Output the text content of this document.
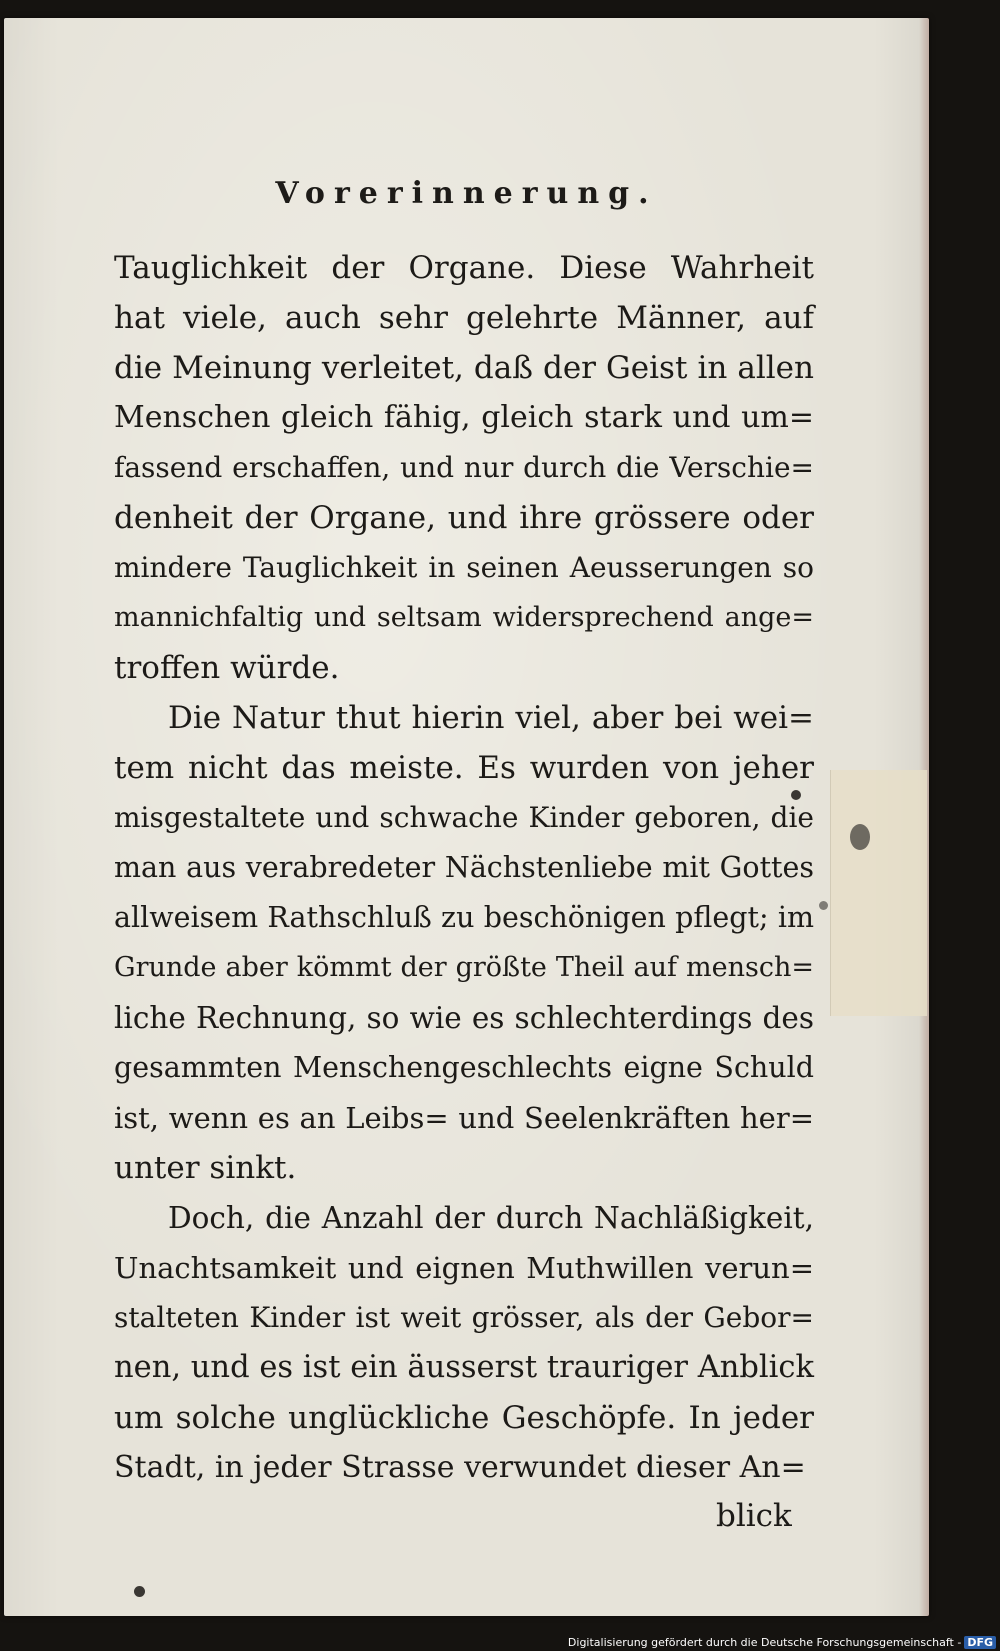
Vorerinnerung.
Tauglichkeit der Organe. Diese Wahrheit
hat viele, auch sehr gelehrte Männer, auf
die Meinung verleitet, daß der Geist in allen
Menschen gleich fähig, gleich stark und um=
fassend erschaffen, und nur durch die Verschie=
denheit der Organe, und ihre grössere oder
mindere Tauglichkeit in seinen Aeusserungen so
mannichfaltig und seltsam widersprechend ange=
troffen würde.
Die Natur thut hierin viel, aber bei wei=
tem nicht das meiste. Es wurden von jeher
misgestaltete und schwache Kinder geboren, die
man aus verabredeter Nächstenliebe mit Gottes
allweisem Rathschluß zu beschönigen pflegt; im
Grunde aber kömmt der größte Theil auf mensch=
liche Rechnung, so wie es schlechterdings des
gesammten Menschengeschlechts eigne Schuld
ist, wenn es an Leibs= und Seelenkräften her=
unter sinkt.
Doch, die Anzahl der durch Nachläßigkeit,
Unachtsamkeit und eignen Muthwillen verun=
stalteten Kinder ist weit grösser, als der Gebor=
nen, und es ist ein äusserst trauriger Anblick
um solche unglückliche Geschöpfe. In jeder
Stadt, in jeder Strasse verwundet dieser An=
blick
Digitalisierung gefördert durch die Deutsche Forschungsgemeinschaft - DFG
